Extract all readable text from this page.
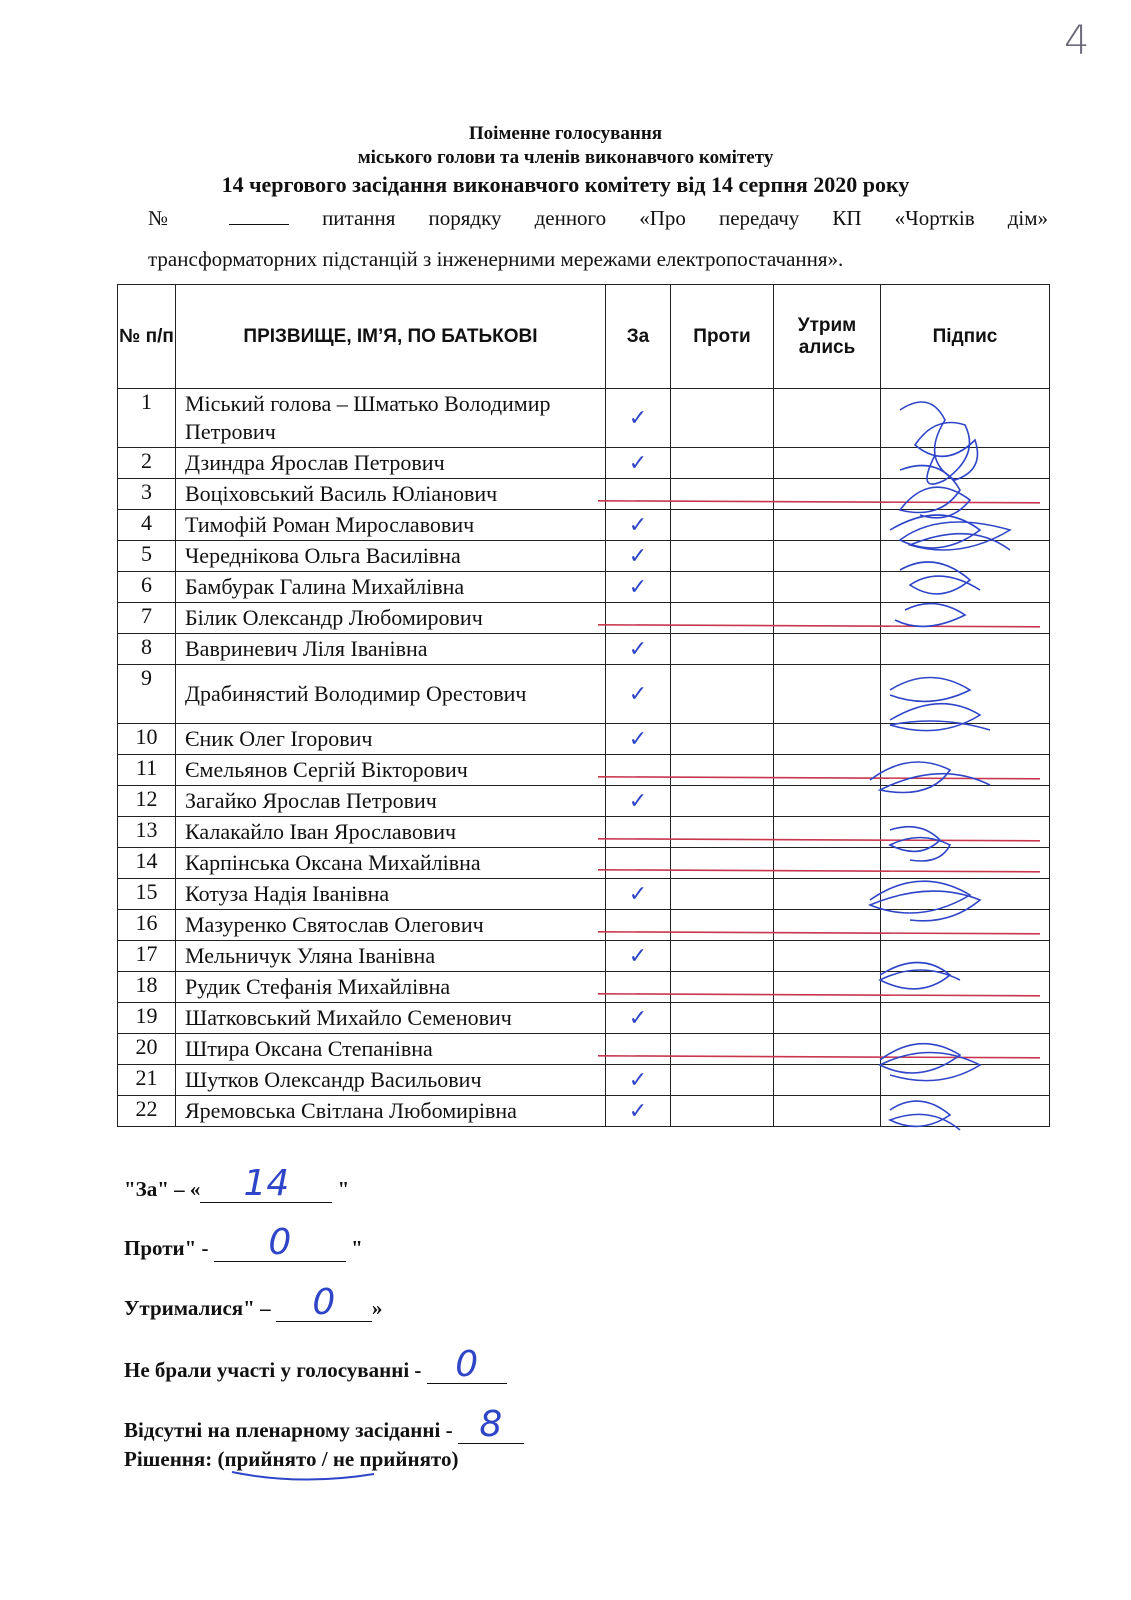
4
Поіменне голосування
міського голови та членів виконавчого комітету
14 чергового засідання виконавчого комітету від 14 серпня 2020 року
№	питання порядку денного «Про передачу КП «Чортків дім»
трансформаторних підстанцій з інженерними мережами електропостачання».
№ п/п	ПРІЗВИЩЕ, ІМ’Я, ПО БАТЬКОВІ	За	Проти	Утрим ались	Підпис
1	Міський голова – Шматько Володимир Петрович	✓			
2	Дзиндра Ярослав Петрович	✓			
3	Воціховський Василь Юліанович				
4	Тимофій Роман Мирославович	✓			
5	Череднікова Ольга Василівна	✓			
6	Бамбурак Галина Михайлівна	✓			
7	Білик Олександр Любомирович				
8	Вавриневич Ліля Іванівна	✓			
9	Драбинястий Володимир Орестович	✓			
10	Єник Олег Ігорович	✓			
11	Ємельянов Сергій Вікторович				
12	Загайко Ярослав Петрович	✓			
13	Калакайло Іван Ярославович				
14	Карпінська Оксана Михайлівна				
15	Котуза Надія Іванівна	✓			
16	Мазуренко Святослав Олегович				
17	Мельничук Уляна Іванівна	✓			
18	Рудик Стефанія Михайлівна				
19	Шатковський Михайло Семенович	✓			
20	Штира Оксана Степанівна				
21	Шутков Олександр Васильович	✓			
22	Яремовська Світлана Любомирівна	✓			
"За" – «	14	"
Проти" -	0	"
Утрималися" –	0	»
Не брали участі у голосуванні - 0

Відсутні на пленарному засіданні - 8

Рішення: (прийнято / не прийнято)
